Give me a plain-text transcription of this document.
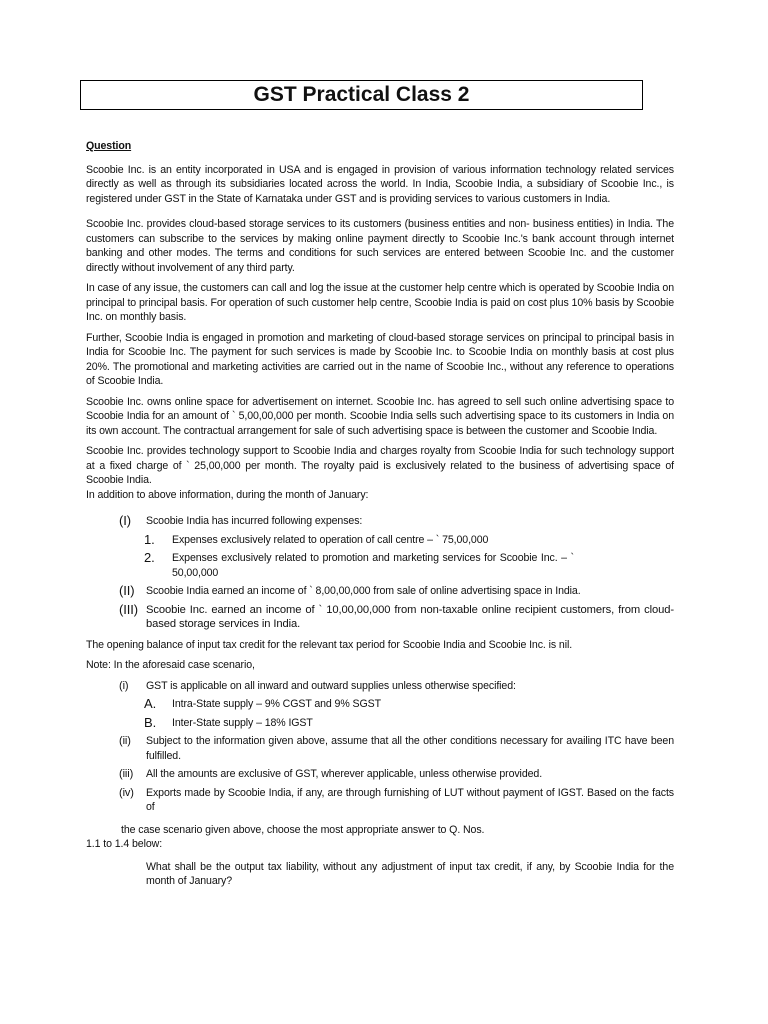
GST Practical Class 2
Question

Scoobie Inc. is an entity incorporated in USA and is engaged in provision of various information technology related services directly as well as through its subsidiaries located across the world. In India, Scoobie India, a subsidiary of Scoobie Inc., is registered under GST in the State of Karnataka under GST and is providing services to various customers in India.

Scoobie Inc. provides cloud-based storage services to its customers (business entities and non- business entities) in India. The customers can subscribe to the services by making online payment directly to Scoobie Inc.'s bank account through internet banking and other modes. The terms and conditions for such services are entered between Scoobie Inc. and the customer directly without involvement of any third party.

In case of any issue, the customers can call and log the issue at the customer help centre which is operated by Scoobie India on principal to principal basis. For operation of such customer help centre, Scoobie India is paid on cost plus 10% basis by Scoobie Inc. on monthly basis.

Further, Scoobie India is engaged in promotion and marketing of cloud-based storage services on principal to principal basis in India for Scoobie Inc. The payment for such services is made by Scoobie Inc. to Scoobie India on monthly basis at cost plus 20%. The promotional and marketing activities are carried out in the name of Scoobie Inc., without any reference to operations of Scoobie India.

Scoobie Inc. owns online space for advertisement on internet. Scoobie Inc. has agreed to sell such online advertising space to Scoobie India for an amount of ` 5,00,00,000 per month. Scoobie India sells such advertising space to its customers in India on its own account. The contractual arrangement for sale of such advertising space is between the customer and Scoobie India.

Scoobie Inc. provides technology support to Scoobie India and charges royalty from Scoobie India for such technology support at a fixed charge of ` 25,00,000 per month. The royalty paid is exclusively related to the business of advertising space of Scoobie India.

In addition to above information, during the month of January:

(I)	Scoobie India has incurred following expenses:
1.	Expenses exclusively related to operation of call centre – ` 75,00,000
2.	Expenses exclusively related to promotion and marketing services for Scoobie Inc. – ` 50,00,000
(II)	Scoobie India earned an income of ` 8,00,00,000 from sale of online advertising space in India.
(III) Scoobie Inc. earned an income of ` 10,00,00,000 from non-taxable online recipient customers, from cloud-based storage services in India.

The opening balance of input tax credit for the relevant tax period for Scoobie India and Scoobie Inc. is nil.

Note: In the aforesaid case scenario,

(i)	GST is applicable on all inward and outward supplies unless otherwise specified:
A.	Intra-State supply – 9% CGST and 9% SGST
B.	Inter-State supply – 18% IGST
(ii)	Subject to the information given above, assume that all the other conditions necessary for availing ITC have been fulfilled.
(iii)	All the amounts are exclusive of GST, wherever applicable, unless otherwise provided.
(iv)	Exports made by Scoobie India, if any, are through furnishing of LUT without payment of IGST. Based on the facts of

the case scenario given above, choose the most appropriate answer to Q. Nos.

1.1 to 1.4 below:

What shall be the output tax liability, without any adjustment of input tax credit, if any, by Scoobie India for the month of January?
